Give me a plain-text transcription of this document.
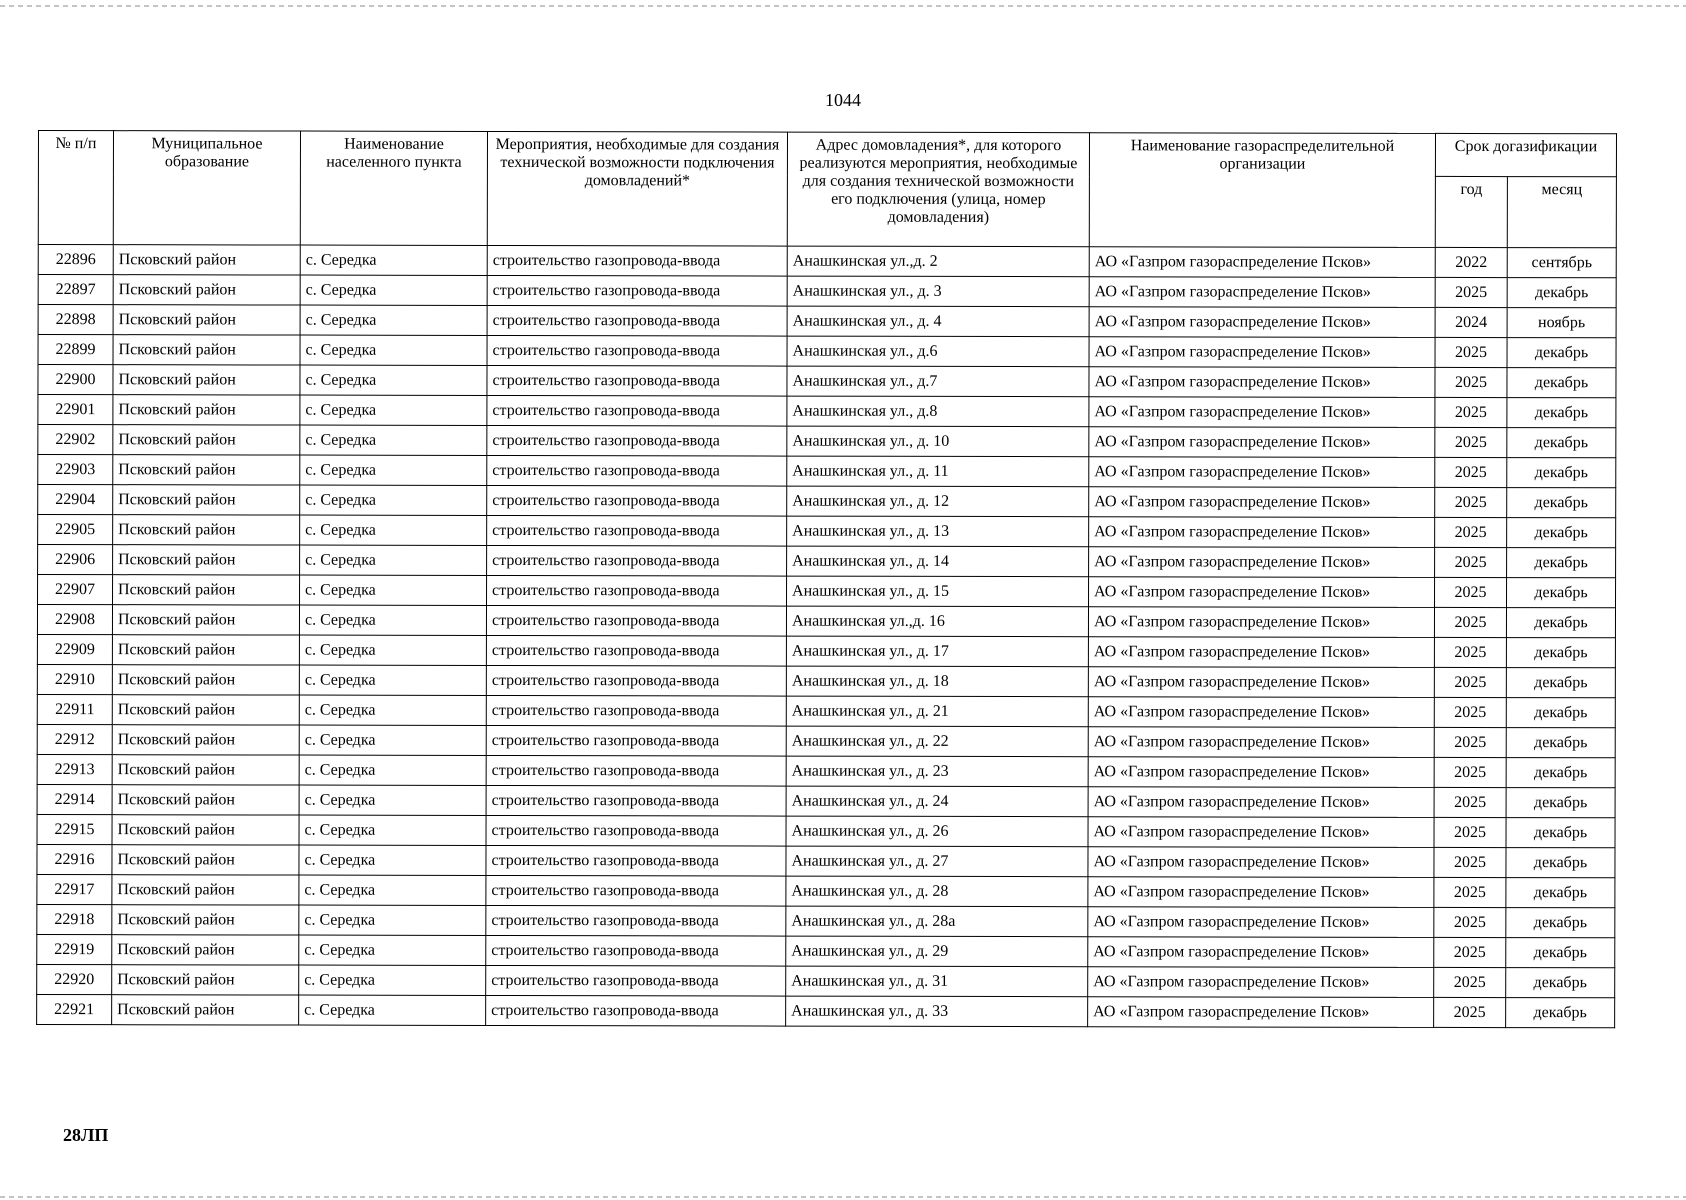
1044
№ п/п	Муниципальное образование	Наименование населенного пункта	Мероприятия, необходимые для создания технической возможности подключения домовладений*	Адрес домовладения*, для которого реализуются мероприятия, необходимые для создания технической возможности его подключения (улица, номер домовладения)	Наименование газораспределительной организации	Срок догазификации	
						год	месяц
22896	Псковский район	с. Середка	строительство газопровода-ввода	Анашкинская ул.,д. 2	АО «Газпром газораспределение Псков»	2022	сентябрь
22897	Псковский район	с. Середка	строительство газопровода-ввода	Анашкинская ул., д. 3	АО «Газпром газораспределение Псков»	2025	декабрь
22898	Псковский район	с. Середка	строительство газопровода-ввода	Анашкинская ул., д. 4	АО «Газпром газораспределение Псков»	2024	ноябрь
22899	Псковский район	с. Середка	строительство газопровода-ввода	Анашкинская ул., д.6	АО «Газпром газораспределение Псков»	2025	декабрь
22900	Псковский район	с. Середка	строительство газопровода-ввода	Анашкинская ул., д.7	АО «Газпром газораспределение Псков»	2025	декабрь
22901	Псковский район	с. Середка	строительство газопровода-ввода	Анашкинская ул., д.8	АО «Газпром газораспределение Псков»	2025	декабрь
22902	Псковский район	с. Середка	строительство газопровода-ввода	Анашкинская ул., д. 10	АО «Газпром газораспределение Псков»	2025	декабрь
22903	Псковский район	с. Середка	строительство газопровода-ввода	Анашкинская ул., д. 11	АО «Газпром газораспределение Псков»	2025	декабрь
22904	Псковский район	с. Середка	строительство газопровода-ввода	Анашкинская ул., д. 12	АО «Газпром газораспределение Псков»	2025	декабрь
22905	Псковский район	с. Середка	строительство газопровода-ввода	Анашкинская ул., д. 13	АО «Газпром газораспределение Псков»	2025	декабрь
22906	Псковский район	с. Середка	строительство газопровода-ввода	Анашкинская ул., д. 14	АО «Газпром газораспределение Псков»	2025	декабрь
22907	Псковский район	с. Середка	строительство газопровода-ввода	Анашкинская ул., д. 15	АО «Газпром газораспределение Псков»	2025	декабрь
22908	Псковский район	с. Середка	строительство газопровода-ввода	Анашкинская ул.,д. 16	АО «Газпром газораспределение Псков»	2025	декабрь
22909	Псковский район	с. Середка	строительство газопровода-ввода	Анашкинская ул., д. 17	АО «Газпром газораспределение Псков»	2025	декабрь
22910	Псковский район	с. Середка	строительство газопровода-ввода	Анашкинская ул., д. 18	АО «Газпром газораспределение Псков»	2025	декабрь
22911	Псковский район	с. Середка	строительство газопровода-ввода	Анашкинская ул., д. 21	АО «Газпром газораспределение Псков»	2025	декабрь
22912	Псковский район	с. Середка	строительство газопровода-ввода	Анашкинская ул., д. 22	АО «Газпром газораспределение Псков»	2025	декабрь
22913	Псковский район	с. Середка	строительство газопровода-ввода	Анашкинская ул., д. 23	АО «Газпром газораспределение Псков»	2025	декабрь
22914	Псковский район	с. Середка	строительство газопровода-ввода	Анашкинская ул., д. 24	АО «Газпром газораспределение Псков»	2025	декабрь
22915	Псковский район	с. Середка	строительство газопровода-ввода	Анашкинская ул., д. 26	АО «Газпром газораспределение Псков»	2025	декабрь
22916	Псковский район	с. Середка	строительство газопровода-ввода	Анашкинская ул., д. 27	АО «Газпром газораспределение Псков»	2025	декабрь
22917	Псковский район	с. Середка	строительство газопровода-ввода	Анашкинская ул., д. 28	АО «Газпром газораспределение Псков»	2025	декабрь
22918	Псковский район	с. Середка	строительство газопровода-ввода	Анашкинская ул., д. 28а	АО «Газпром газораспределение Псков»	2025	декабрь
22919	Псковский район	с. Середка	строительство газопровода-ввода	Анашкинская ул., д. 29	АО «Газпром газораспределение Псков»	2025	декабрь
22920	Псковский район	с. Середка	строительство газопровода-ввода	Анашкинская ул., д. 31	АО «Газпром газораспределение Псков»	2025	декабрь
22921	Псковский район	с. Середка	строительство газопровода-ввода	Анашкинская ул., д. 33	АО «Газпром газораспределение Псков»	2025	декабрь
28ЛП
